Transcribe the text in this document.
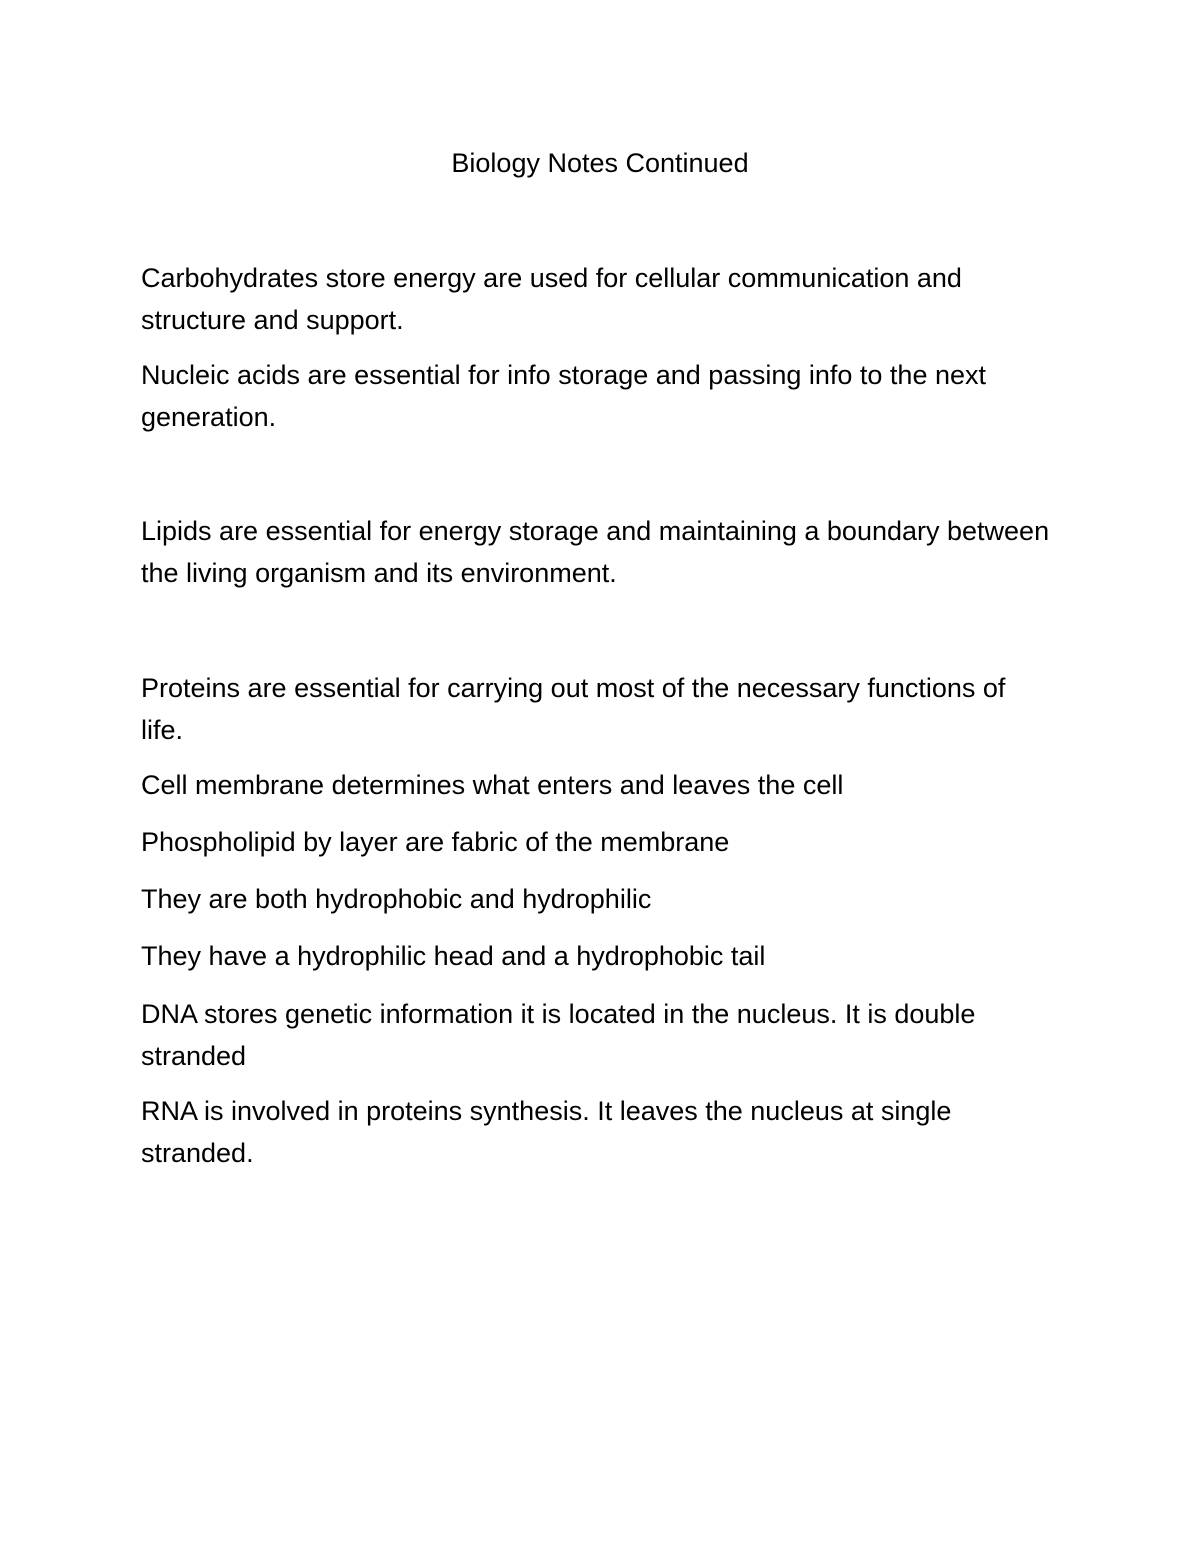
Biology Notes Continued

Carbohydrates store energy are used for cellular communication and structure and support.

Nucleic acids are essential for info storage and passing info to the next generation.

Lipids are essential for energy storage and maintaining a boundary between the living organism and its environment.

Proteins are essential for carrying out most of the necessary functions of life.

Cell membrane determines what enters and leaves the cell

Phospholipid by layer are fabric of the membrane

They are both hydrophobic and hydrophilic

They have a hydrophilic head and a hydrophobic tail

DNA stores genetic information it is located in the nucleus. It is double stranded

RNA is involved in proteins synthesis. It leaves the nucleus at single stranded.
